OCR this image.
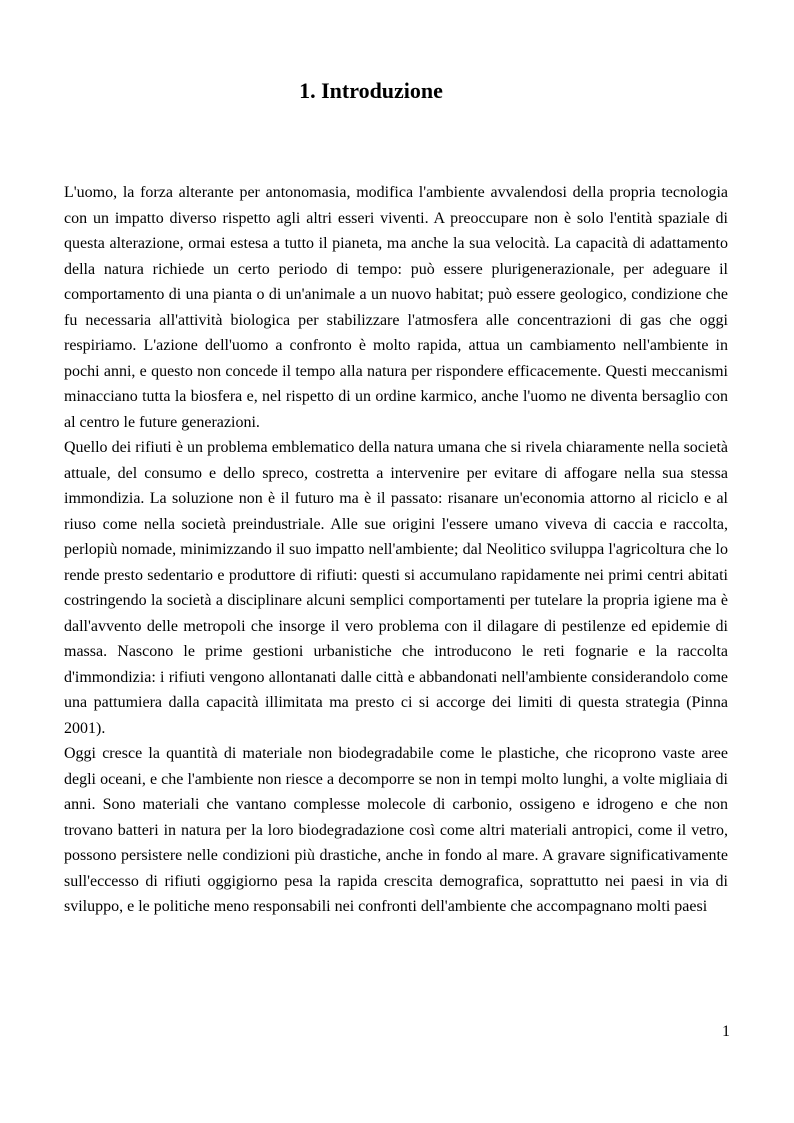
1. Introduzione

L'uomo, la forza alterante per antonomasia, modifica l'ambiente avvalendosi della propria tecnologia con un impatto diverso rispetto agli altri esseri viventi. A preoccupare non è solo l'entità spaziale di questa alterazione, ormai estesa a tutto il pianeta, ma anche la sua velocità. La capacità di adattamento della natura richiede un certo periodo di tempo: può essere plurigenerazionale, per adeguare il comportamento di una pianta o di un'animale a un nuovo habitat; può essere geologico, condizione che fu necessaria all'attività biologica per stabilizzare l'atmosfera alle concentrazioni di gas che oggi respiriamo. L'azione dell'uomo a confronto è molto rapida, attua un cambiamento nell'ambiente in pochi anni, e questo non concede il tempo alla natura per rispondere efficacemente. Questi meccanismi minacciano tutta la biosfera e, nel rispetto di un ordine karmico, anche l'uomo ne diventa bersaglio con al centro le future generazioni.

Quello dei rifiuti è un problema emblematico della natura umana che si rivela chiaramente nella società attuale, del consumo e dello spreco, costretta a intervenire per evitare di affogare nella sua stessa immondizia. La soluzione non è il futuro ma è il passato: risanare un'economia attorno al riciclo e al riuso come nella società preindustriale. Alle sue origini l'essere umano viveva di caccia e raccolta, perlopiù nomade, minimizzando il suo impatto nell'ambiente; dal Neolitico sviluppa l'agricoltura che lo rende presto sedentario e produttore di rifiuti: questi si accumulano rapidamente nei primi centri abitati costringendo la società a disciplinare alcuni semplici comportamenti per tutelare la propria igiene ma è dall'avvento delle metropoli che insorge il vero problema con il dilagare di pestilenze ed epidemie di massa. Nascono le prime gestioni urbanistiche che introducono le reti fognarie e la raccolta d'immondizia: i rifiuti vengono allontanati dalle città e abbandonati nell'ambiente considerandolo come una pattumiera dalla capacità illimitata ma presto ci si accorge dei limiti di questa strategia (Pinna 2001).

Oggi cresce la quantità di materiale non biodegradabile come le plastiche, che ricoprono vaste aree degli oceani, e che l'ambiente non riesce a decomporre se non in tempi molto lunghi, a volte migliaia di anni. Sono materiali che vantano complesse molecole di carbonio, ossigeno e idrogeno e che non trovano batteri in natura per la loro biodegradazione così come altri materiali antropici, come il vetro, possono persistere nelle condizioni più drastiche, anche in fondo al mare. A gravare significativamente sull'eccesso di rifiuti oggigiorno pesa la rapida crescita demografica, soprattutto nei paesi in via di sviluppo, e le politiche meno responsabili nei confronti dell'ambiente che accompagnano molti paesi

1
